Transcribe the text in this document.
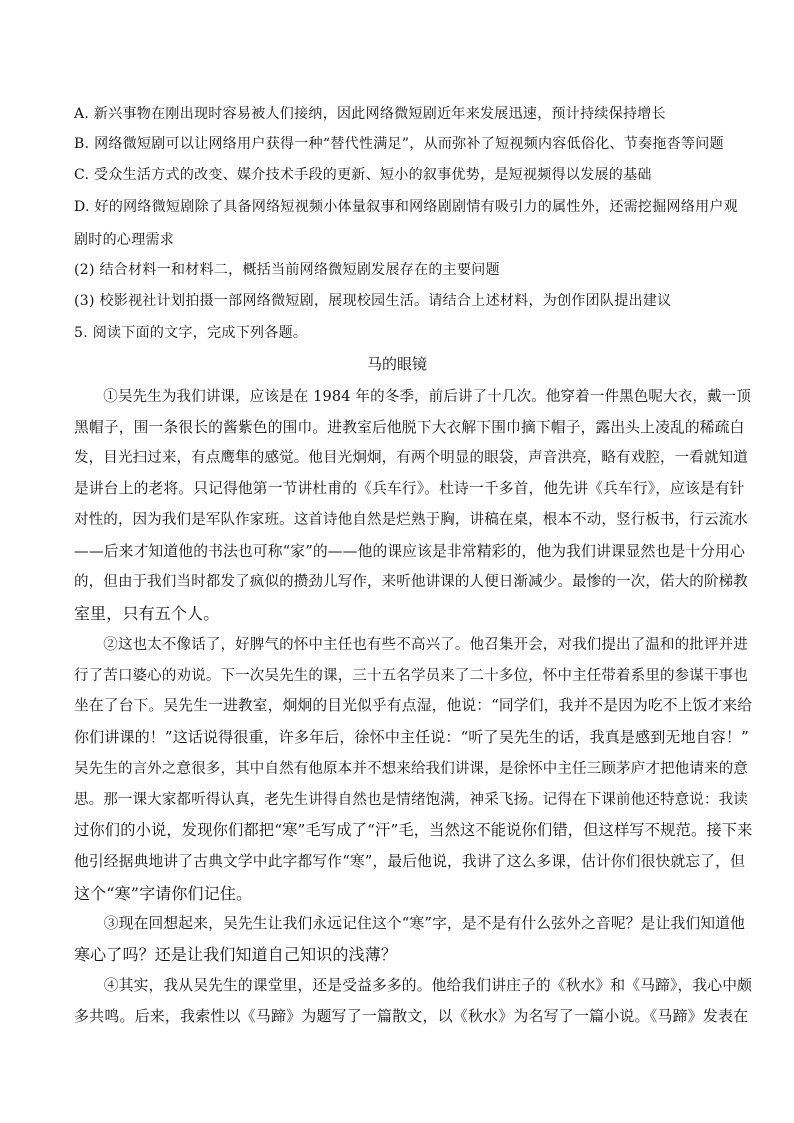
A. 新兴事物在刚出现时容易被人们接纳，因此网络微短剧近年来发展迅速，预计持续保持增长
B. 网络微短剧可以让网络用户获得一种“替代性满足”，从而弥补了短视频内容低俗化、节奏拖沓等问题
C. 受众生活方式的改变、媒介技术手段的更新、短小的叙事优势，是短视频得以发展的基础
D. 好的网络微短剧除了具备网络短视频小体量叙事和网络剧剧情有吸引力的属性外，还需挖掘网络用户观
剧时的心理需求
(2) 结合材料一和材料二，概括当前网络微短剧发展存在的主要问题
(3) 校影视社计划拍摄一部网络微短剧，展现校园生活。请结合上述材料，为创作团队提出建议
5. 阅读下面的文字，完成下列各题。
马的眼镜
　　①吴先生为我们讲课，应该是在 1984 年的冬季，前后讲了十几次。他穿着一件黑色呢大衣，戴一顶
黑帽子，围一条很长的酱紫色的围巾。进教室后他脱下大衣解下围巾摘下帽子，露出头上凌乱的稀疏白
发，目光扫过来，有点鹰隼的感觉。他目光炯炯，有两个明显的眼袋，声音洪亮，略有戏腔，一看就知道
是讲台上的老将。只记得他第一节讲杜甫的《兵车行》。杜诗一千多首，他先讲《兵车行》，应该是有针
对性的，因为我们是军队作家班。这首诗他自然是烂熟于胸，讲稿在桌，根本不动，竖行板书，行云流水
——后来才知道他的书法也可称“家”的——他的课应该是非常精彩的，他为我们讲课显然也是十分用心
的，但由于我们当时都发了疯似的攒劲儿写作，来听他讲课的人便日渐减少。最惨的一次，偌大的阶梯教
室里，只有五个人。
　　②这也太不像话了，好脾气的怀中主任也有些不高兴了。他召集开会，对我们提出了温和的批评并进
行了苦口婆心的劝说。下一次吴先生的课，三十五名学员来了二十多位，怀中主任带着系里的参谋干事也
坐在了台下。吴先生一进教室，炯炯的目光似乎有点湿，他说：“同学们，我并不是因为吃不上饭才来给
你们讲课的！”这话说得很重，许多年后，徐怀中主任说：“听了吴先生的话，我真是感到无地自容！”
吴先生的言外之意很多，其中自然有他原本并不想来给我们讲课，是徐怀中主任三顾茅庐才把他请来的意
思。那一课大家都听得认真，老先生讲得自然也是情绪饱满，神采飞扬。记得在下课前他还特意说：我读
过你们的小说，发现你们都把“寒”毛写成了“汗”毛，当然这不能说你们错，但这样写不规范。接下来
他引经据典地讲了古典文学中此字都写作“寒”，最后他说，我讲了这么多课，估计你们很快就忘了，但
这个“寒”字请你们记住。
　　③现在回想起来，吴先生让我们永远记住这个“寒”字，是不是有什么弦外之音呢？是让我们知道他
寒心了吗？还是让我们知道自己知识的浅薄？
　　④其实，我从吴先生的课堂里，还是受益多多的。他给我们讲庄子的《秋水》和《马蹄》，我心中颇
多共鸣。后来，我索性以《马蹄》为题写了一篇散文，以《秋水》为名写了一篇小说。《马蹄》发表在
